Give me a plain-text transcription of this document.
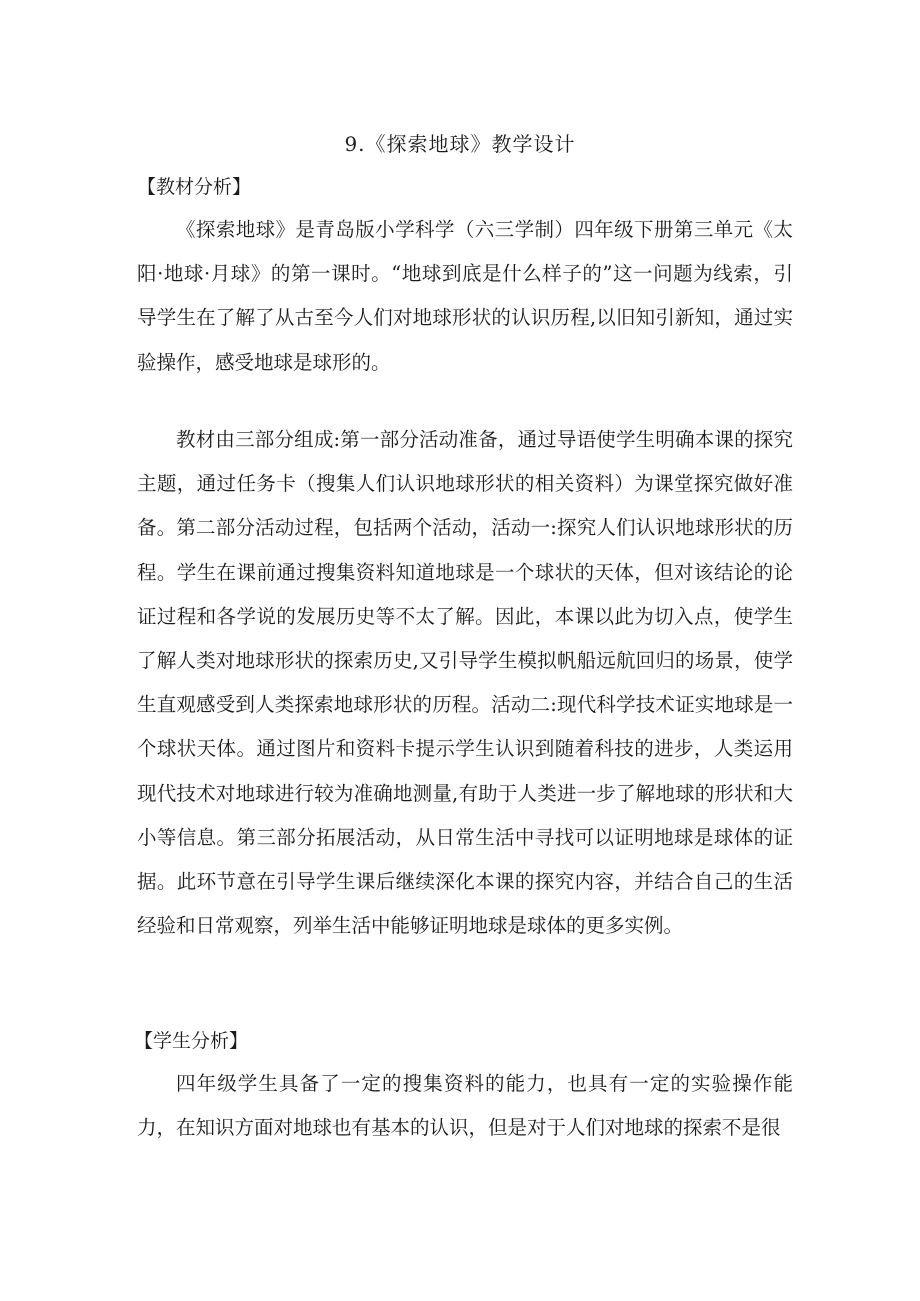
9.《探索地球》教学设计
【教材分析】

《探索地球》是青岛版小学科学（六三学制）四年级下册第三单元《太阳·地球·月球》的第一课时。“地球到底是什么样子的”这一问题为线索，引导学生在了解了从古至今人们对地球形状的认识历程,以旧知引新知，通过实验操作，感受地球是球形的。

教材由三部分组成:第一部分活动准备，通过导语使学生明确本课的探究主题，通过任务卡（搜集人们认识地球形状的相关资料）为课堂探究做好准备。第二部分活动过程，包括两个活动，活动一:探究人们认识地球形状的历程。学生在课前通过搜集资料知道地球是一个球状的天体，但对该结论的论证过程和各学说的发展历史等不太了解。因此，本课以此为切入点，使学生了解人类对地球形状的探索历史,又引导学生模拟帆船远航回归的场景，使学生直观感受到人类探索地球形状的历程。活动二:现代科学技术证实地球是一个球状天体。通过图片和资料卡提示学生认识到随着科技的进步，人类运用现代技术对地球进行较为准确地测量,有助于人类进一步了解地球的形状和大小等信息。第三部分拓展活动，从日常生活中寻找可以证明地球是球体的证据。此环节意在引导学生课后继续深化本课的探究内容，并结合自己的生活经验和日常观察，列举生活中能够证明地球是球体的更多实例。

【学生分析】

四年级学生具备了一定的搜集资料的能力，也具有一定的实验操作能力，在知识方面对地球也有基本的认识，但是对于人们对地球的探索不是很
